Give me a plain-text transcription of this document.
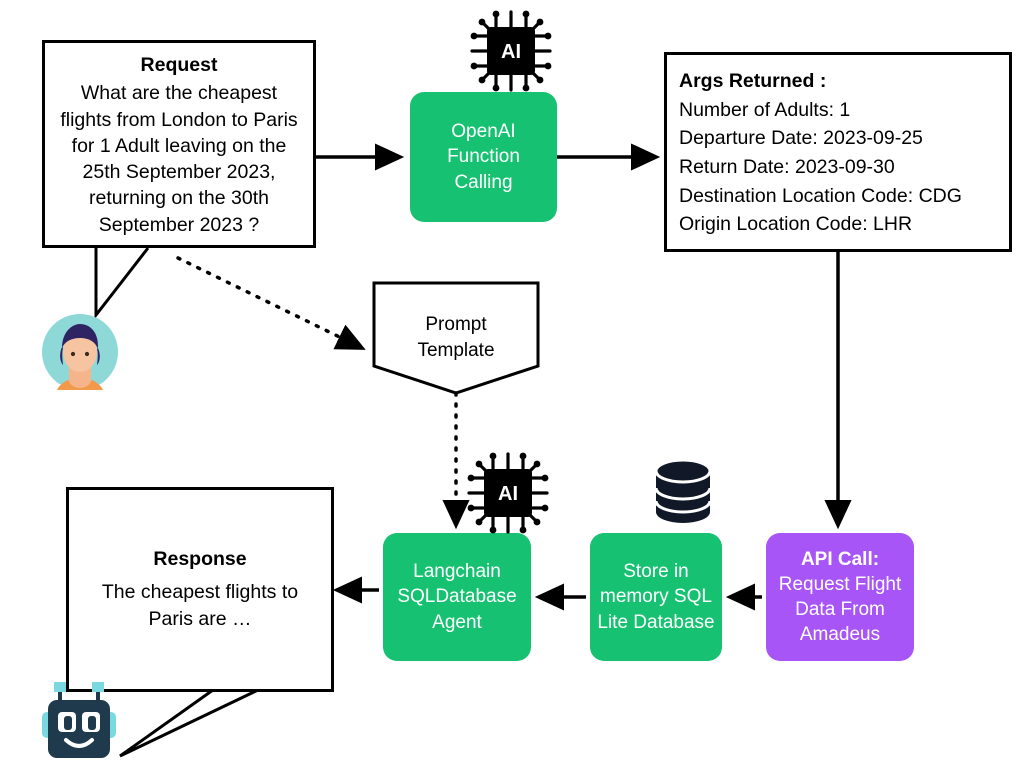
Request
What are the cheapest
flights from London to Paris
for 1 Adult leaving on the
25th September 2023,
returning on the 30th
September 2023 ?
OpenAI
Function
Calling
Args Returned :
Number of Adults: 1
Departure Date: 2023-09-25
Return Date: 2023-09-30
Destination Location Code: CDG
Origin Location Code: LHR
Prompt
Template
API Call:
Request Flight
Data From
Amadeus
Store in
memory SQL
Lite Database
Langchain
SQLDatabase
Agent
Response
The cheapest flights to
Paris are …
AI
AI
